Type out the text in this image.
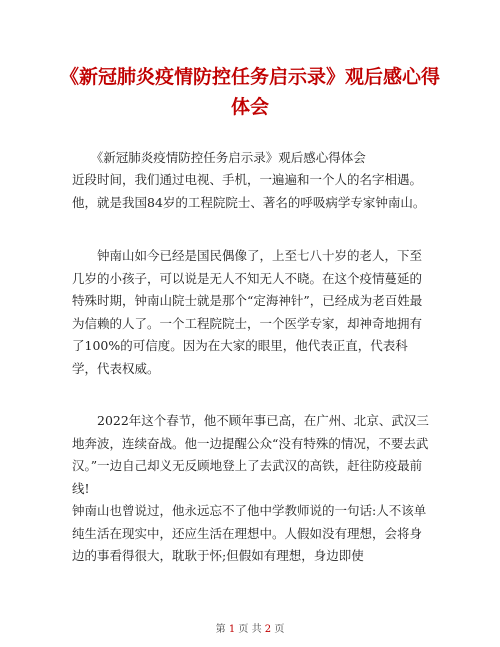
《新冠肺炎疫情防控任务启示录》观后感心得
体会

　　《新冠肺炎疫情防控任务启示录》观后感心得体会

近段时间，我们通过电视、手机，一遍遍和一个人的名字相遇。他，就是我国84岁的工程院院士、著名的呼吸病学专家钟南山。

　　钟南山如今已经是国民偶像了，上至七八十岁的老人，下至几岁的小孩子，可以说是无人不知无人不晓。在这个疫情蔓延的特殊时期，钟南山院士就是那个“定海神针”，已经成为老百姓最为信赖的人了。一个工程院院士，一个医学专家，却神奇地拥有了100%的可信度。因为在大家的眼里，他代表正直，代表科学，代表权威。

　　2022年这个春节，他不顾年事已高，在广州、北京、武汉三地奔波，连续奋战。他一边提醒公众“没有特殊的情况，不要去武汉。”一边自己却义无反顾地登上了去武汉的高铁，赶往防疫最前线!

钟南山也曾说过，他永远忘不了他中学教师说的一句话:人不该单纯生活在现实中，还应生活在理想中。人假如没有理想，会将身边的事看得很大，耽耿于怀;但假如有理想，身边即使

第 1 页 共 2 页
